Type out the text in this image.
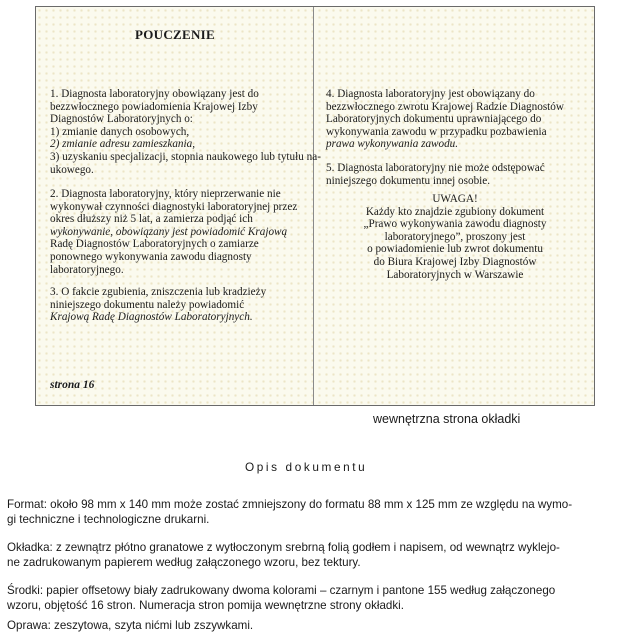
POUCZENIE
1. Diagnosta laboratoryjny obowiązany jest do
bezzwłocznego powiadomienia Krajowej Izby
Diagnostów Laboratoryjnych o:
1) zmianie danych osobowych,
2) zmianie adresu zamieszkania,
3) uzyskaniu specjalizacji, stopnia naukowego lub tytułu na-
ukowego.
2. Diagnosta laboratoryjny, który nieprzerwanie nie
wykonywał czynności diagnostyki laboratoryjnej przez
okres dłuższy niż 5 lat, a zamierza podjąć ich
wykonywanie, obowiązany jest powiadomić Krajową
Radę Diagnostów Laboratoryjnych o zamiarze
ponownego wykonywania zawodu diagnosty
laboratoryjnego.
3. O fakcie zgubienia, zniszczenia lub kradzieży
niniejszego dokumentu należy powiadomić
Krajową Radę Diagnostów Laboratoryjnych.
strona 16
4. Diagnosta laboratoryjny jest obowiązany do
bezzwłocznego zwrotu Krajowej Radzie Diagnostów
Laboratoryjnych dokumentu uprawniającego do
wykonywania zawodu w przypadku pozbawienia
prawa wykonywania zawodu.
5. Diagnosta laboratoryjny nie może odstępować
niniejszego dokumentu innej osobie.
UWAGA!
Każdy kto znajdzie zgubiony dokument
„Prawo wykonywania zawodu diagnosty
laboratoryjnego”, proszony jest
o powiadomienie lub zwrot dokumentu
do Biura Krajowej Izby Diagnostów
Laboratoryjnych w Warszawie
wewnętrzna strona okładki
Opis dokumentu
Format: około 98 mm x 140 mm może zostać zmniejszony do formatu 88 mm x 125 mm ze względu na wymo-
gi techniczne i technologiczne drukarni.
Okładka: z zewnątrz płótno granatowe z wytłoczonym srebrną folią godłem i napisem, od wewnątrz wyklejo-
ne zadrukowanym papierem według załączonego wzoru, bez tektury.
Środki: papier offsetowy biały zadrukowany dwoma kolorami – czarnym i pantone 155 według załączonego
wzoru, objętość 16 stron. Numeracja stron pomija wewnętrzne strony okładki.
Oprawa: zeszytowa, szyta nićmi lub zszywkami.
